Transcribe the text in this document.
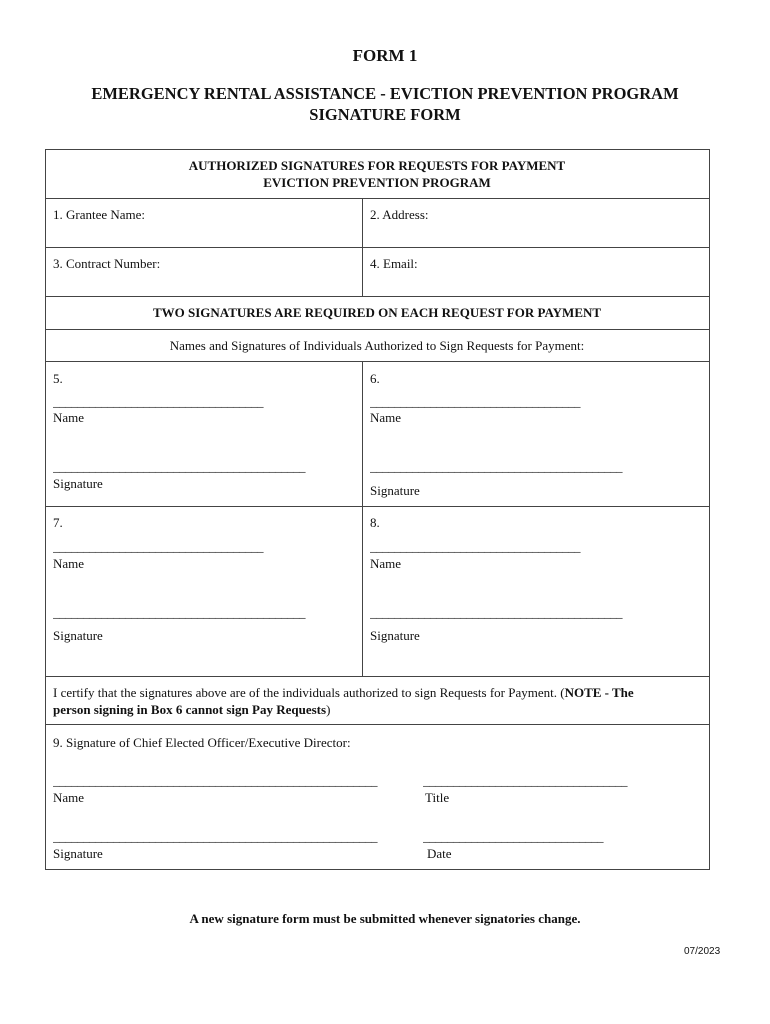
FORM 1
EMERGENCY RENTAL ASSISTANCE - EVICTION PREVENTION PROGRAM
SIGNATURE FORM
AUTHORIZED SIGNATURES FOR REQUESTS FOR PAYMENT
EVICTION PREVENTION PROGRAM
1. Grantee Name:	2. Address:
3. Contract Number:	4. Email:
TWO SIGNATURES ARE REQUIRED ON EACH REQUEST FOR PAYMENT
Names and Signatures of Individuals Authorized to Sign Requests for Payment:
5.
___________________________________
Name
__________________________________________
Signature
6.
___________________________________
Name
__________________________________________
Signature
7.
___________________________________
Name
__________________________________________
Signature
8.
___________________________________
Name
__________________________________________
Signature
I certify that the signatures above are of the individuals authorized to sign Requests for Payment. (NOTE - The
person signing in Box 6 cannot sign Pay Requests)
9. Signature of Chief Elected Officer/Executive Director:
______________________________________________________	__________________________________
Name	Title
______________________________________________________	______________________________
Signature	Date
A new signature form must be submitted whenever signatories change.
07/2023
